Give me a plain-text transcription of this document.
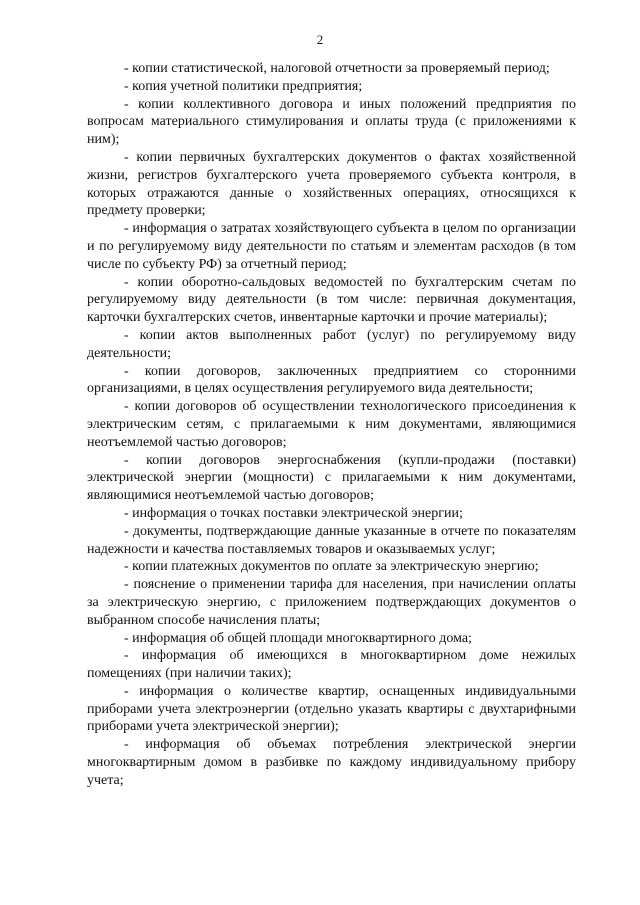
2

- копии статистической, налоговой отчетности за проверяемый период;

- копия учетной политики предприятия;

- копии коллективного договора и иных положений предприятия по вопросам материального стимулирования и оплаты труда (с приложениями к ним);

- копии первичных бухгалтерских документов о фактах хозяйственной жизни, регистров бухгалтерского учета проверяемого субъекта контроля, в которых отражаются данные о хозяйственных операциях, относящихся к предмету проверки;

- информация о затратах хозяйствующего субъекта в целом по организации и по регулируемому виду деятельности по статьям и элементам расходов (в том числе по субъекту РФ) за отчетный период;

- копии оборотно-сальдовых ведомостей по бухгалтерским счетам по регулируемому виду деятельности (в том числе: первичная документация, карточки бухгалтерских счетов, инвентарные карточки и прочие материалы);

- копии актов выполненных работ (услуг) по регулируемому виду деятельности;

- копии договоров, заключенных предприятием со сторонними организациями, в целях осуществления регулируемого вида деятельности;

- копии договоров об осуществлении технологического присоединения к электрическим сетям, с прилагаемыми к ним документами, являющимися неотъемлемой частью договоров;

- копии договоров энергоснабжения (купли-продажи (поставки) электрической энергии (мощности) с прилагаемыми к ним документами, являющимися неотъемлемой частью договоров;

- информация о точках поставки электрической энергии;

- документы, подтверждающие данные указанные в отчете по показателям надежности и качества поставляемых товаров и оказываемых услуг;

- копии платежных документов по оплате за электрическую энергию;

- пояснение о применении тарифа для населения, при начислении оплаты за электрическую энергию, с приложением подтверждающих документов о выбранном способе начисления платы;

- информация об общей площади многоквартирного дома;

- информация об имеющихся в многоквартирном доме нежилых помещениях (при наличии таких);

- информация о количестве квартир, оснащенных индивидуальными приборами учета электроэнергии (отдельно указать квартиры с двухтарифными приборами учета электрической энергии);

- информация об объемах потребления электрической энергии многоквартирным домом в разбивке по каждому индивидуальному прибору учета;
